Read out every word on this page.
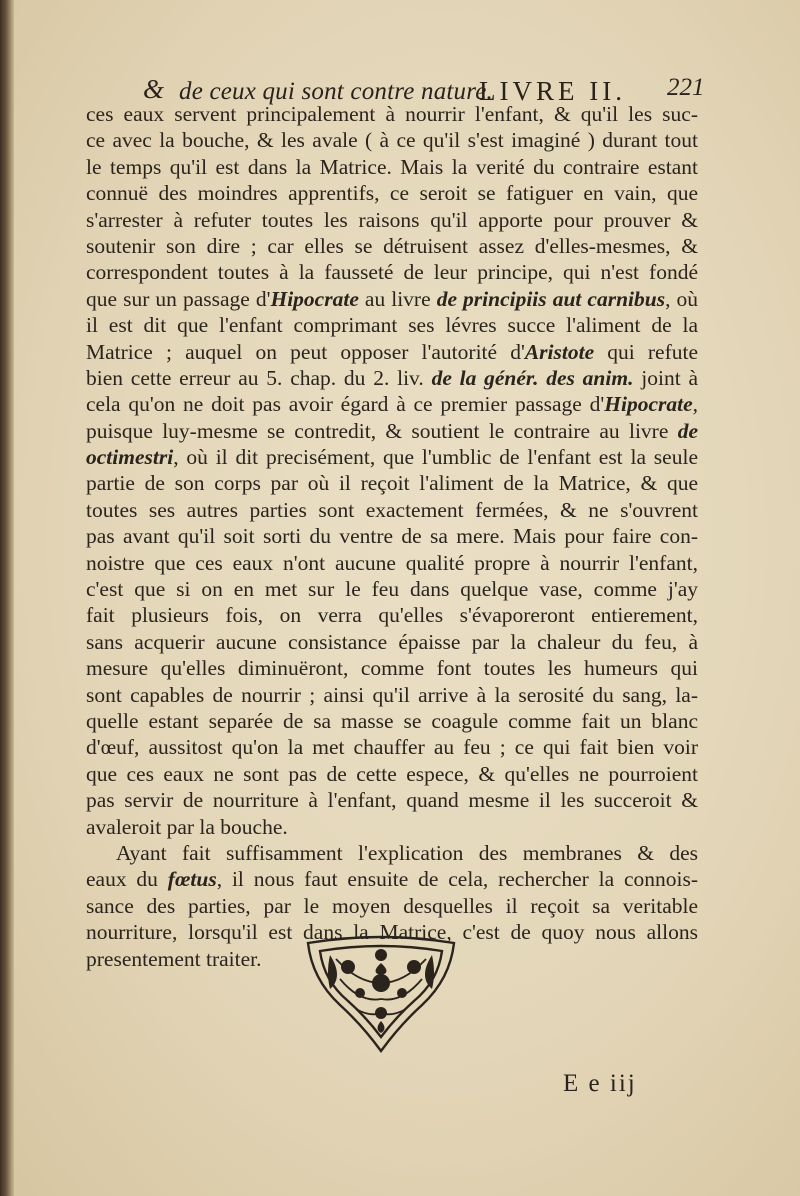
& de ceux qui sont contre nature.
LIVRE II. 221
ces eaux servent principalement à nourrir l'enfant, & qu'il les suc-
ce avec la bouche, & les avale ( à ce qu'il s'est imaginé ) durant tout
le temps qu'il est dans la Matrice. Mais la verité du contraire estant
connuë des moindres apprentifs, ce seroit se fatiguer en vain, que
s'arrester à refuter toutes les raisons qu'il apporte pour prouver &
soutenir son dire ; car elles se détruisent assez d'elles-mesmes, &
correspondent toutes à la fausseté de leur principe, qui n'est fondé
que sur un passage d'Hipocrate au livre de principiis aut carnibus, où
il est dit que l'enfant comprimant ses lévres succe l'aliment de la
Matrice ; auquel on peut opposer l'autorité d'Aristote qui refute
bien cette erreur au 5. chap. du 2. liv. de la génér. des anim. joint à
cela qu'on ne doit pas avoir égard à ce premier passage d'Hipocrate,
puisque luy-mesme se contredit, & soutient le contraire au livre de
octimestri, où il dit precisément, que l'umblic de l'enfant est la seule
partie de son corps par où il reçoit l'aliment de la Matrice, & que
toutes ses autres parties sont exactement fermées, & ne s'ouvrent
pas avant qu'il soit sorti du ventre de sa mere. Mais pour faire con-
noistre que ces eaux n'ont aucune qualité propre à nourrir l'enfant,
c'est que si on en met sur le feu dans quelque vase, comme j'ay
fait plusieurs fois, on verra qu'elles s'évaporeront entierement,
sans acquerir aucune consistance épaisse par la chaleur du feu, à
mesure qu'elles diminuëront, comme font toutes les humeurs qui
sont capables de nourrir ; ainsi qu'il arrive à la serosité du sang, la-
quelle estant separée de sa masse se coagule comme fait un blanc
d'œuf, aussitost qu'on la met chauffer au feu ; ce qui fait bien voir
que ces eaux ne sont pas de cette espece, & qu'elles ne pourroient
pas servir de nourriture à l'enfant, quand mesme il les succeroit &
avaleroit par la bouche.
Ayant fait suffisamment l'explication des membranes & des
eaux du fœtus, il nous faut ensuite de cela, rechercher la connois-
sance des parties, par le moyen desquelles il reçoit sa veritable
nourriture, lorsqu'il est dans la Matrice, c'est de quoy nous allons
presentement traiter.
E e iij
